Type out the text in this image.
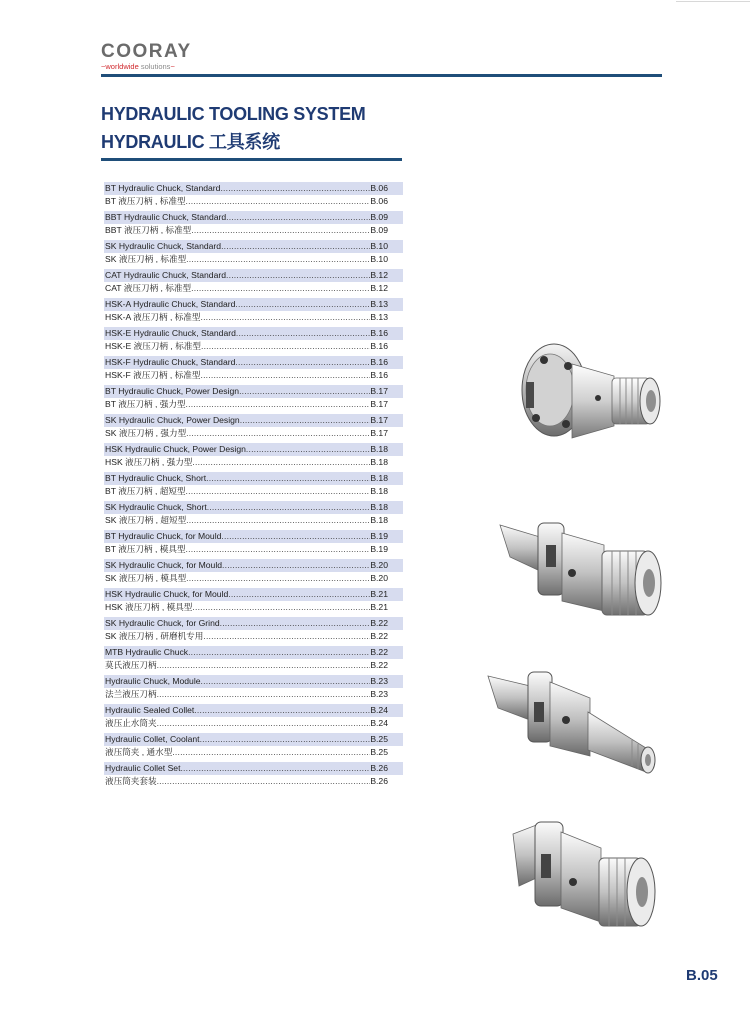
COORAY
~worldwide solutions~
HYDRAULIC TOOLING SYSTEM
HYDRAULIC 工具系统
BT Hydraulic Chuck, Standard .....	B.06
BT 液压刀柄 , 标准型 .....	B.06
BBT Hydraulic Chuck, Standard .....	B.09
BBT 液压刀柄 , 标准型 .....	B.09
SK Hydraulic Chuck, Standard .....	B.10
SK 液压刀柄 , 标准型 .....	B.10
CAT Hydraulic Chuck, Standard .....	B.12
CAT 液压刀柄 , 标准型 .....	B.12
HSK-A Hydraulic Chuck, Standard .....	B.13
HSK-A 液压刀柄 , 标准型 .....	B.13
HSK-E Hydraulic Chuck, Standard .....	B.16
HSK-E 液压刀柄 , 标准型 .....	B.16
HSK-F Hydraulic Chuck, Standard .....	B.16
HSK-F 液压刀柄 , 标准型 .....	B.16
BT Hydraulic Chuck, Power Design .....	B.17
BT 液压刀柄 , 强力型 .....	B.17
SK Hydraulic Chuck, Power Design .....	B.17
SK 液压刀柄 , 强力型 .....	B.17
HSK Hydraulic Chuck, Power Design .....	B.18
HSK 液压刀柄 , 强力型 .....	B.18
BT Hydraulic Chuck, Short .....	B.18
BT 液压刀柄 , 超短型 .....	B.18
SK Hydraulic Chuck, Short .....	B.18
SK 液压刀柄 , 超短型 .....	B.18
BT Hydraulic Chuck, for Mould .....	B.19
BT 液压刀柄 , 模具型 .....	B.19
SK Hydraulic Chuck, for Mould .....	B.20
SK 液压刀柄 , 模具型 .....	B.20
HSK Hydraulic Chuck, for Mould .....	B.21
HSK 液压刀柄 , 模具型 .....	B.21
SK Hydraulic Chuck, for Grind .....	B.22
SK 液压刀柄 , 研磨机专用 .....	B.22
MTB Hydraulic Chuck .....	B.22
莫氏液压刀柄 .....	B.22
Hydraulic Chuck, Module .....	B.23
法兰液压刀柄 .....	B.23
Hydraulic Sealed Collet .....	B.24
液压止水筒夹 .....	B.24
Hydraulic Collet, Coolant .....	B.25
液压筒夹 , 通水型 .....	B.25
Hydraulic Collet Set .....	B.26
液压筒夹套装 .....	B.26
B.05
